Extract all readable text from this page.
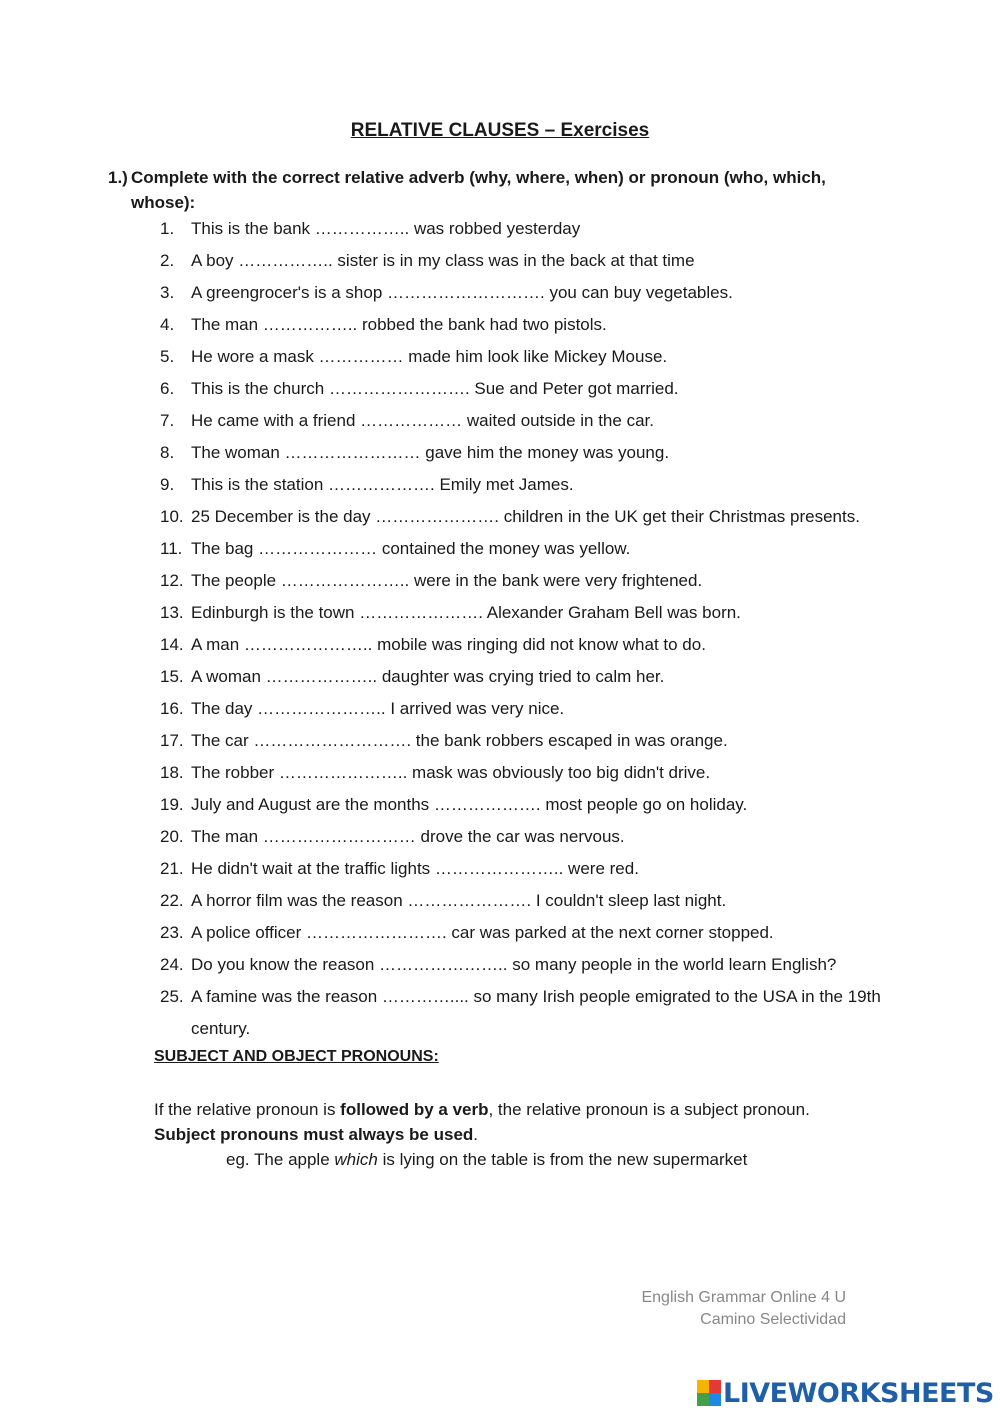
RELATIVE CLAUSES – Exercises
1.) Complete with the correct relative adverb (why, where, when) or pronoun (who, which, whose):
1. This is the bank …………….. was robbed yesterday
2. A boy …………….. sister is in my class was in the back at that time
3. A greengrocer's is a shop ………………………. you can buy vegetables.
4. The man …………….. robbed the bank had two pistols.
5. He wore a mask …………… made him look like Mickey Mouse.
6. This is the church ……………………. Sue and Peter got married.
7. He came with a friend ……………… waited outside in the car.
8. The woman …………………… gave him the money was young.
9. This is the station ………………. Emily met James.
10. 25 December is the day …………………. children in the UK get their Christmas presents.
11. The bag ………………… contained the money was yellow.
12. The people ………………….. were in the bank were very frightened.
13. Edinburgh is the town …………………. Alexander Graham Bell was born.
14. A man ………………….. mobile was ringing did not know what to do.
15. A woman ……………….. daughter was crying tried to calm her.
16. The day ………………….. I arrived was very nice.
17. The car ………………………. the bank robbers escaped in was orange.
18. The robber ………………….. mask was obviously too big didn't drive.
19. July and August are the months ………………. most people go on holiday.
20. The man ……………………… drove the car was nervous.
21. He didn't wait at the traffic lights ………………….. were red.
22. A horror film was the reason …………………. I couldn't sleep last night.
23. A police officer ……………………. car was parked at the next corner stopped.
24. Do you know the reason ………………….. so many people in the world learn English?
25. A famine was the reason ………….... so many Irish people emigrated to the USA in the 19th century.
SUBJECT AND OBJECT PRONOUNS:
If the relative pronoun is followed by a verb, the relative pronoun is a subject pronoun. Subject pronouns must always be used.
eg. The apple which is lying on the table is from the new supermarket
English Grammar Online 4 U
Camino Selectividad
LIVEWORKSHEETS
